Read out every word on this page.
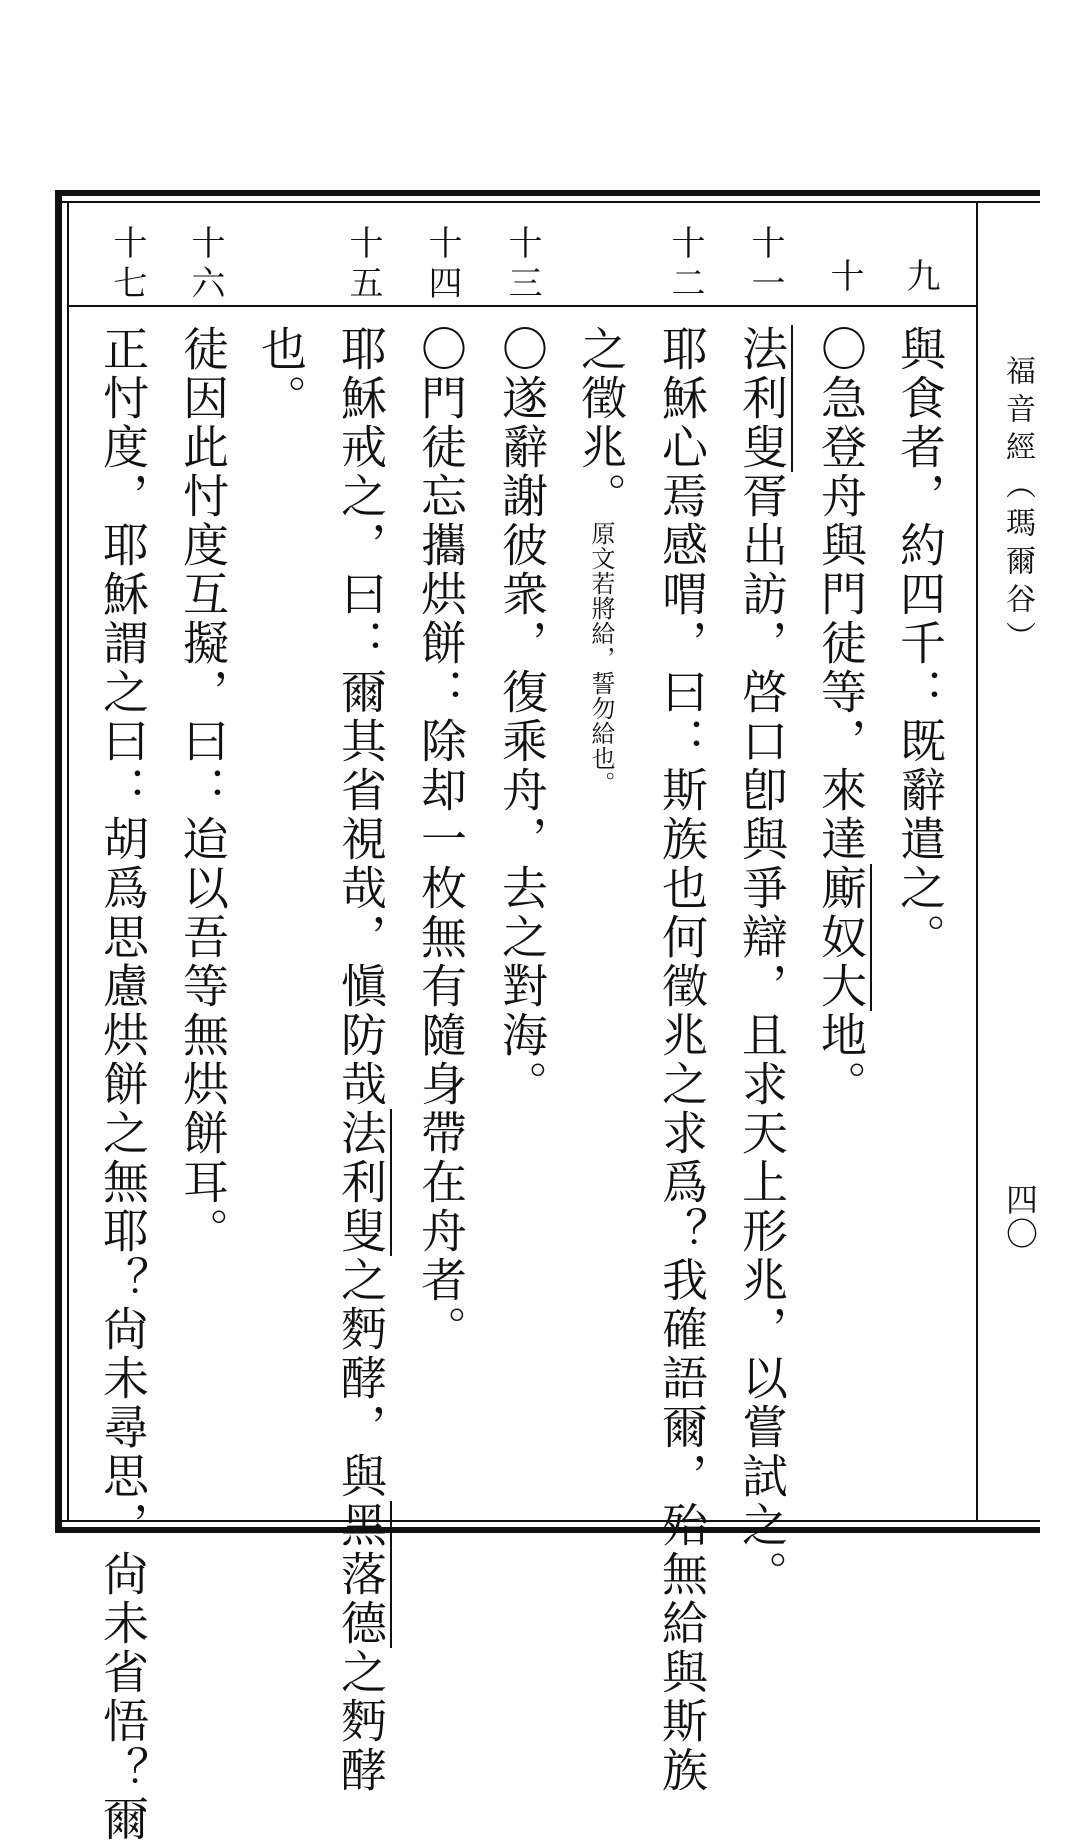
福音經（瑪爾谷）
四〇
九
十
十一
十二
十三
十四
十五
十六
十七
與食者，約四千：既辭遣之。
〇急登舟與門徒等，來達廝奴大地。
法利叟胥出訪，啓口卽與爭辯，且求天上形兆，以嘗試之。
耶穌心焉感喟，曰：斯族也何徵兆之求爲？我確語爾，殆無給與斯族
之徵兆。原文若將給，誓勿給也。
〇遂辭謝彼衆，復乘舟，去之對海。
〇門徒忘攜烘餅：除却一枚無有隨身帶在舟者。
耶穌戒之，曰：爾其省視哉，愼防哉法利叟之麪酵，與黑落德之麪酵
也。
徒因此忖度互擬，曰：迨以吾等無烘餅耳。
正忖度，耶穌謂之曰：胡爲思慮烘餅之無耶？尙未尋思，尙未省悟？爾
